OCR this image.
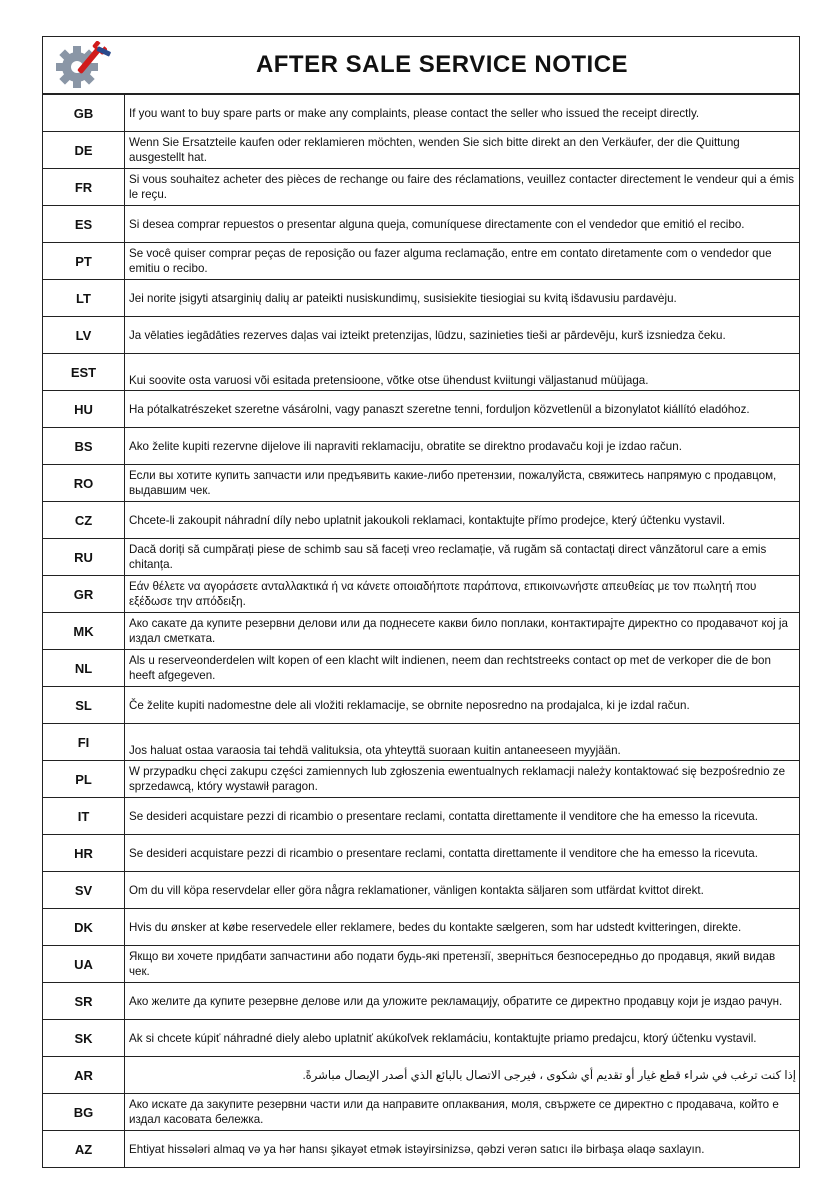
AFTER SALE SERVICE NOTICE
GB	If you want to buy spare parts or make any complaints, please contact the seller who issued the receipt directly.
DE	Wenn Sie Ersatzteile kaufen oder reklamieren möchten, wenden Sie sich bitte direkt an den Verkäufer, der die Quittung ausgestellt hat.
FR	Si vous souhaitez acheter des pièces de rechange ou faire des réclamations, veuillez contacter directement le vendeur qui a émis le reçu.
ES	Si desea comprar repuestos o presentar alguna queja, comuníquese directamente con el vendedor que emitió el recibo.
PT	Se você quiser comprar peças de reposição ou fazer alguma reclamação, entre em contato diretamente com o vendedor que emitiu o recibo.
LT	Jei norite įsigyti atsarginių dalių ar pateikti nusiskundimų, susisiekite tiesiogiai su kvitą išdavusiu pardavėju.
LV	Ja vēlaties iegādāties rezerves daļas vai izteikt pretenzijas, lūdzu, sazinieties tieši ar pārdevēju, kurš izsniedza čeku.
EST	Kui soovite osta varuosi või esitada pretensioone, võtke otse ühendust kviitungi väljastanud müüjaga.
HU	Ha pótalkatrészeket szeretne vásárolni, vagy panaszt szeretne tenni, forduljon közvetlenül a bizonylatot kiállító eladóhoz.
BS	Ako želite kupiti rezervne dijelove ili napraviti reklamaciju, obratite se direktno prodavaču koji je izdao račun.
RO	Если вы хотите купить запчасти или предъявить какие-либо претензии, пожалуйста, свяжитесь напрямую с продавцом, выдавшим чек.
CZ	Chcete-li zakoupit náhradní díly nebo uplatnit jakoukoli reklamaci, kontaktujte přímo prodejce, který účtenku vystavil.
RU	Dacă doriți să cumpărați piese de schimb sau să faceți vreo reclamație, vă rugăm să contactați direct vânzătorul care a emis chitanța.
GR	Εάν θέλετε να αγοράσετε ανταλλακτικά ή να κάνετε οποιαδήποτε παράπονα, επικοινωνήστε απευθείας με τον πωλητή που εξέδωσε την απόδειξη.
MK	Ако сакате да купите резервни делови или да поднесете какви било поплаки, контактирајте директно со продавачот кој ја издал сметката.
NL	Als u reserveonderdelen wilt kopen of een klacht wilt indienen, neem dan rechtstreeks contact op met de verkoper die de bon heeft afgegeven.
SL	Če želite kupiti nadomestne dele ali vložiti reklamacije, se obrnite neposredno na prodajalca, ki je izdal račun.
FI	Jos haluat ostaa varaosia tai tehdä valituksia, ota yhteyttä suoraan kuitin antaneeseen myyjään.
PL	W przypadku chęci zakupu części zamiennych lub zgłoszenia ewentualnych reklamacji należy kontaktować się bezpośrednio ze sprzedawcą, który wystawił paragon.
IT	Se desideri acquistare pezzi di ricambio o presentare reclami, contatta direttamente il venditore che ha emesso la ricevuta.
HR	Se desideri acquistare pezzi di ricambio o presentare reclami, contatta direttamente il venditore che ha emesso la ricevuta.
SV	Om du vill köpa reservdelar eller göra några reklamationer, vänligen kontakta säljaren som utfärdat kvittot direkt.
DK	Hvis du ønsker at købe reservedele eller reklamere, bedes du kontakte sælgeren, som har udstedt kvitteringen, direkte.
UA	Якщо ви хочете придбати запчастини або подати будь-які претензії, зверніться безпосередньо до продавця, який видав чек.
SR	Ако желите да купите резервне делове или да уложите рекламацију, обратите се директно продавцу који је издао рачун.
SK	Ak si chcete kúpiť náhradné diely alebo uplatniť akúkoľvek reklamáciu, kontaktujte priamo predajcu, ktorý účtenku vystavil.
AR	إذا كنت ترغب في شراء قطع غيار أو تقديم أي شكوى ، فيرجى الاتصال بالبائع الذي أصدر الإيصال مباشرةً.
BG	Ако искате да закупите резервни части или да направите оплаквания, моля, свържете се директно с продавача, който е издал касовата бележка.
AZ	Ehtiyat hissələri almaq və ya hər hansı şikayət etmək istəyirsinizsə, qəbzi verən satıcı ilə birbaşa əlaqə saxlayın.
